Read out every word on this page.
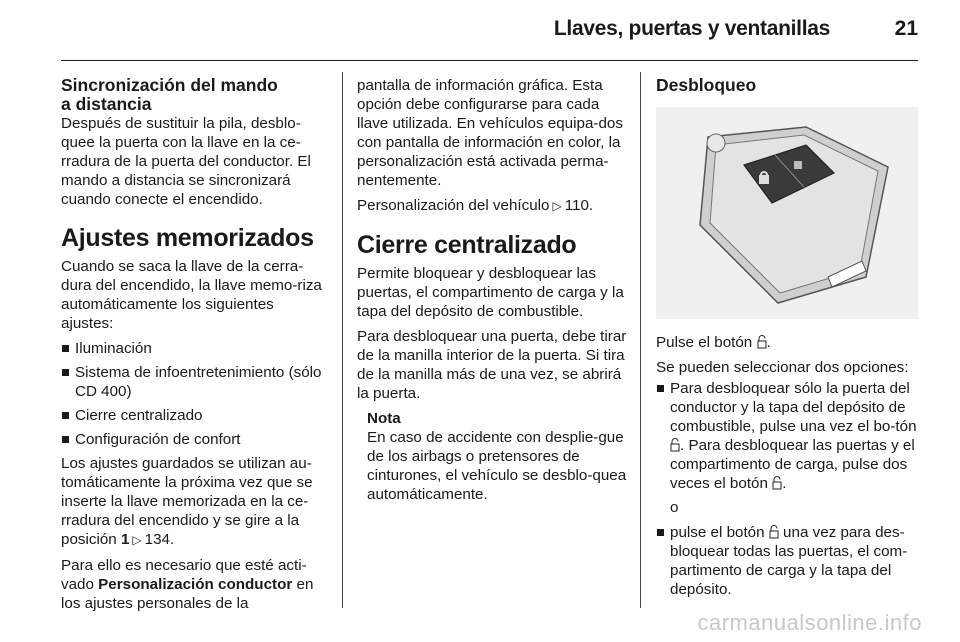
Llaves, puertas y ventanillas	21
Sincronización del mando
a distancia

Después de sustituir la pila, desblo-quee la puerta con la llave en la ce-rradura de la puerta del conductor. El mando a distancia se sincronizará cuando conecte el encendido.

Ajustes memorizados

Cuando se saca la llave de la cerra-dura del encendido, la llave memo-riza automáticamente los siguientes ajustes:

Iluminación
Sistema de infoentretenimiento (sólo CD 400)
Cierre centralizado
Configuración de confort

Los ajustes guardados se utilizan au-tomáticamente la próxima vez que se inserte la llave memorizada en la ce-rradura del encendido y se gire a la posición 1 ▷ 134.

Para ello es necesario que esté acti-vado Personalización conductor en los ajustes personales de la

pantalla de información gráfica. Esta opción debe configurarse para cada llave utilizada. En vehículos equipa-dos con pantalla de información en color, la personalización está activada perma-nentemente.

Personalización del vehículo ▷ 110.

Cierre centralizado

Permite bloquear y desbloquear las puertas, el compartimento de carga y la tapa del depósito de combustible.

Para desbloquear una puerta, debe tirar de la manilla interior de la puerta. Si tira de la manilla más de una vez, se abrirá la puerta.

Nota
En caso de accidente con desplie-gue de los airbags o pretensores de cinturones, el vehículo se desblo-quea automáticamente.
Desbloqueo

Pulse el botón .

Se pueden seleccionar dos opciones:

Para desbloquear sólo la puerta del conductor y la tapa del depósito de combustible, pulse una vez el bo-tón . Para desbloquear las puertas y el compartimento de carga, pulse dos veces el botón .

o

pulse el botón una vez para des-bloquear todas las puertas, el com-partimento de carga y la tapa del depósito.
carmanualsonline.info
